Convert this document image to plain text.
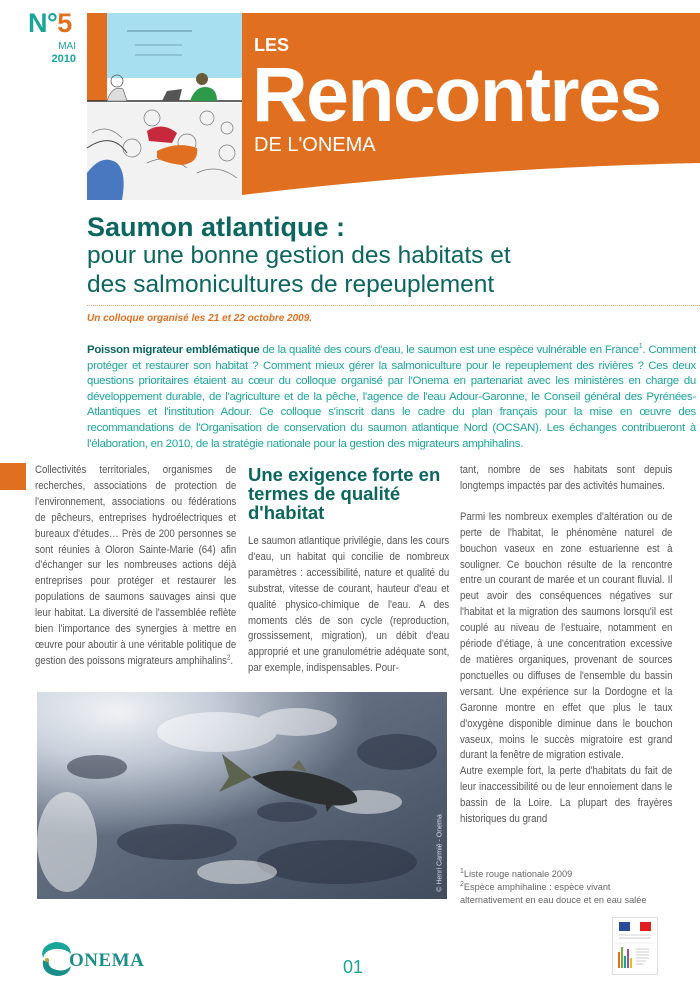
N°5
MAI
2010
LES
Rencontres
DE L'ONEMA
Saumon atlantique :
pour une bonne gestion des habitats et
des salmonicultures de repeuplement
Un colloque organisé les 21 et 22 octobre 2009.
Poisson migrateur emblématique de la qualité des cours d'eau, le saumon est une espèce vulnérable en France$^1$. Comment protéger et restaurer son habitat ? Comment mieux gérer la salmoniculture pour le repeuplement des rivières ? Ces deux questions prioritaires étaient au cœur du colloque organisé par l'Onema en partenariat avec les ministères en charge du développement durable, de l'agriculture et de la pêche, l'agence de l'eau Adour-Garonne, le Conseil général des Pyrénées-Atlantiques et l'institution Adour. Ce colloque s'inscrit dans le cadre du plan français pour la mise en œuvre des recommandations de l'Organisation de conservation du saumon atlantique Nord (OCSAN). Les échanges contribueront à l'élaboration, en 2010, de la stratégie nationale pour la gestion des migrateurs amphihalins.
Collectivités territoriales, organismes de recherches, associations de protection de l'environnement, associations ou fédérations de pêcheurs, entreprises hydroélectriques et bureaux d'études… Près de 200 personnes se sont réunies à Oloron Sainte-Marie (64) afin d'échanger sur les nombreuses actions déjà entreprises pour protéger et restaurer les populations de saumons sauvages ainsi que leur habitat. La diversité de l'assemblée reflète bien l'importance des synergies à mettre en œuvre pour aboutir à une véritable politique de gestion des poissons migrateurs amphihalins$^2$.
Une exigence forte en termes de qualité d'habitat

Le saumon atlantique privilégie, dans les cours d'eau, un habitat qui concilie de nombreux paramètres : accessibilité, nature et qualité du substrat, vitesse de courant, hauteur d'eau et qualité physico-chimique de l'eau. A des moments clés de son cycle (reproduction, grossissement, migration), un débit d'eau approprié et une granulométrie adéquate sont, par exemple, indispensables. Pour-

tant, nombre de ses habitats sont depuis longtemps impactés par des activités humaines.

Parmi les nombreux exemples d'altération ou de perte de l'habitat, le phénomène naturel de bouchon vaseux en zone estuarienne est à souligner. Ce bouchon résulte de la rencontre entre un courant de marée et un courant fluvial. Il peut avoir des conséquences négatives sur l'habitat et la migration des saumons lorsqu'il est couplé au niveau de l'estuaire, notamment en période d'étiage, à une concentration excessive de matières organiques, provenant de sources ponctuelles ou diffuses de l'ensemble du bassin versant. Une expérience sur la Dordogne et la Garonne montre en effet que plus le taux d'oxygène disponible diminue dans le bouchon vaseux, moins le succès migratoire est grand durant la fenêtre de migration estivale.

Autre exemple fort, la perte d'habitats du fait de leur inaccessibilité ou de leur ennoiement dans le bassin de la Loire. La plupart des frayères historiques du grand

$^1$Liste rouge nationale 2009
$^2$Espèce amphihaline : espèce vivant alternativement en eau douce et en eau salée
© Henri Carmié - Onema
ONEMA	01
